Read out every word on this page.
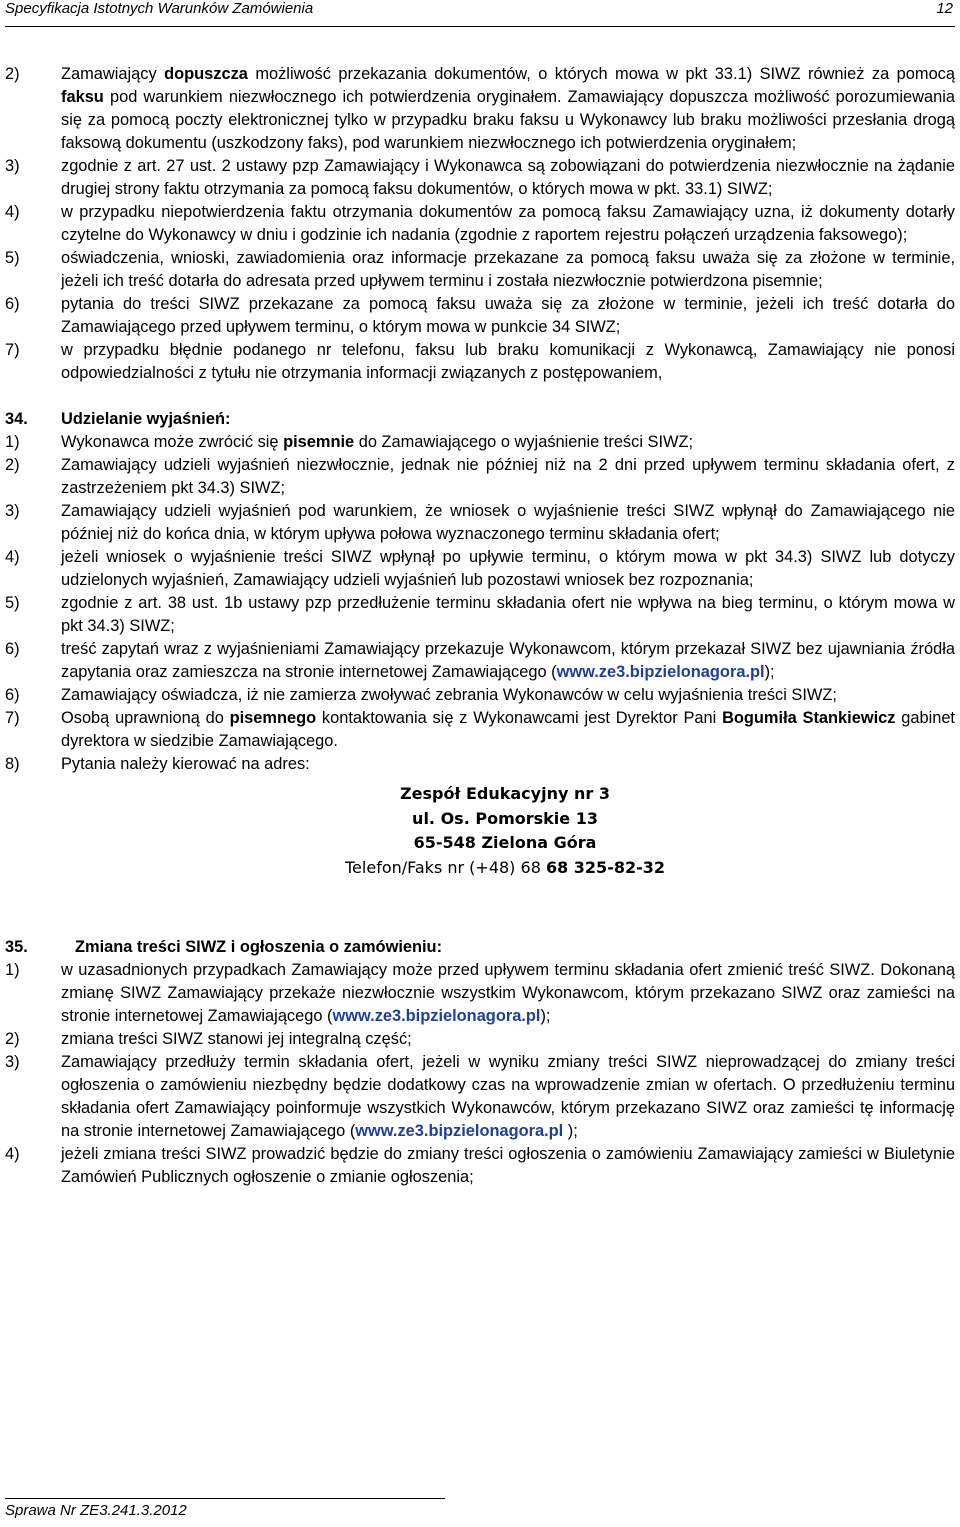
Specyfikacja Istotnych Warunków Zamówienia	12
2)	Zamawiający dopuszcza możliwość przekazania dokumentów, o których mowa w pkt 33.1) SIWZ również za pomocą faksu pod warunkiem niezwłocznego ich potwierdzenia oryginałem. Zamawiający dopuszcza możliwość porozumiewania się za pomocą poczty elektronicznej tylko w przypadku braku faksu u Wykonawcy lub braku możliwości przesłania drogą faksową dokumentu (uszkodzony faks), pod warunkiem niezwłocznego ich potwierdzenia oryginałem;
3)	zgodnie z art. 27 ust. 2 ustawy pzp Zamawiający i Wykonawca są zobowiązani do potwierdzenia niezwłocznie na żądanie drugiej strony faktu otrzymania za pomocą faksu dokumentów, o których mowa w pkt. 33.1) SIWZ;
4)	w przypadku niepotwierdzenia faktu otrzymania dokumentów za pomocą faksu Zamawiający uzna, iż dokumenty dotarły czytelne do Wykonawcy w dniu i godzinie ich nadania (zgodnie z raportem rejestru połączeń urządzenia faksowego);
5)	oświadczenia, wnioski, zawiadomienia oraz informacje przekazane za pomocą faksu uważa się za złożone w terminie, jeżeli ich treść dotarła do adresata przed upływem terminu i została niezwłocznie potwierdzona pisemnie;
6)	pytania do treści SIWZ przekazane za pomocą faksu uważa się za złożone w terminie, jeżeli ich treść dotarła do Zamawiającego przed upływem terminu, o którym mowa w punkcie 34 SIWZ;
7)	w przypadku błędnie podanego nr telefonu, faksu lub braku komunikacji z Wykonawcą, Zamawiający nie ponosi odpowiedzialności z tytułu nie otrzymania informacji związanych z postępowaniem,
34.	Udzielanie wyjaśnień:
1)	Wykonawca może zwrócić się pisemnie do Zamawiającego o wyjaśnienie treści SIWZ;
2)	Zamawiający udzieli wyjaśnień niezwłocznie, jednak nie później niż na 2 dni przed upływem terminu składania ofert, z zastrzeżeniem pkt 34.3) SIWZ;
3)	Zamawiający udzieli wyjaśnień pod warunkiem, że wniosek o wyjaśnienie treści SIWZ wpłynął do Zamawiającego nie później niż do końca dnia, w którym upływa połowa wyznaczonego terminu składania ofert;
4)	jeżeli wniosek o wyjaśnienie treści SIWZ wpłynął po upływie terminu, o którym mowa w pkt 34.3) SIWZ lub dotyczy udzielonych wyjaśnień, Zamawiający udzieli wyjaśnień lub pozostawi wniosek bez rozpoznania;
5)	zgodnie z art. 38 ust. 1b ustawy pzp przedłużenie terminu składania ofert nie wpływa na bieg terminu, o którym mowa w pkt 34.3) SIWZ;
6)	treść zapytań wraz z wyjaśnieniami Zamawiający przekazuje Wykonawcom, którym przekazał SIWZ bez ujawniania źródła zapytania oraz zamieszcza na stronie internetowej Zamawiającego (www.ze3.bipzielonagora.pl);
6)	Zamawiający oświadcza, iż nie zamierza zwoływać zebrania Wykonawców w celu wyjaśnienia treści SIWZ;
7)	Osobą uprawnioną do pisemnego kontaktowania się z Wykonawcami jest Dyrektor Pani Bogumiła Stankiewicz gabinet dyrektora w siedzibie Zamawiającego.
8)	Pytania należy kierować na adres:
Zespół Edukacyjny nr 3
ul. Os. Pomorskie 13
65-548 Zielona Góra
Telefon/Faks nr (+48) 68 68 325-82-32
35.	Zmiana treści SIWZ i ogłoszenia o zamówieniu:
1)	w uzasadnionych przypadkach Zamawiający może przed upływem terminu składania ofert zmienić treść SIWZ. Dokonaną zmianę SIWZ Zamawiający przekaże niezwłocznie wszystkim Wykonawcom, którym przekazano SIWZ oraz zamieści na stronie internetowej Zamawiającego (www.ze3.bipzielonagora.pl);
2)	zmiana treści SIWZ stanowi jej integralną część;
3)	Zamawiający przedłuży termin składania ofert, jeżeli w wyniku zmiany treści SIWZ nieprowadzącej do zmiany treści ogłoszenia o zamówieniu niezbędny będzie dodatkowy czas na wprowadzenie zmian w ofertach. O przedłużeniu terminu składania ofert Zamawiający poinformuje wszystkich Wykonawców, którym przekazano SIWZ oraz zamieści tę informację na stronie internetowej Zamawiającego (www.ze3.bipzielonagora.pl );
4)	jeżeli zmiana treści SIWZ prowadzić będzie do zmiany treści ogłoszenia o zamówieniu Zamawiający zamieści w Biuletynie Zamówień Publicznych ogłoszenie o zmianie ogłoszenia;
Sprawa Nr ZE3.241.3.2012
